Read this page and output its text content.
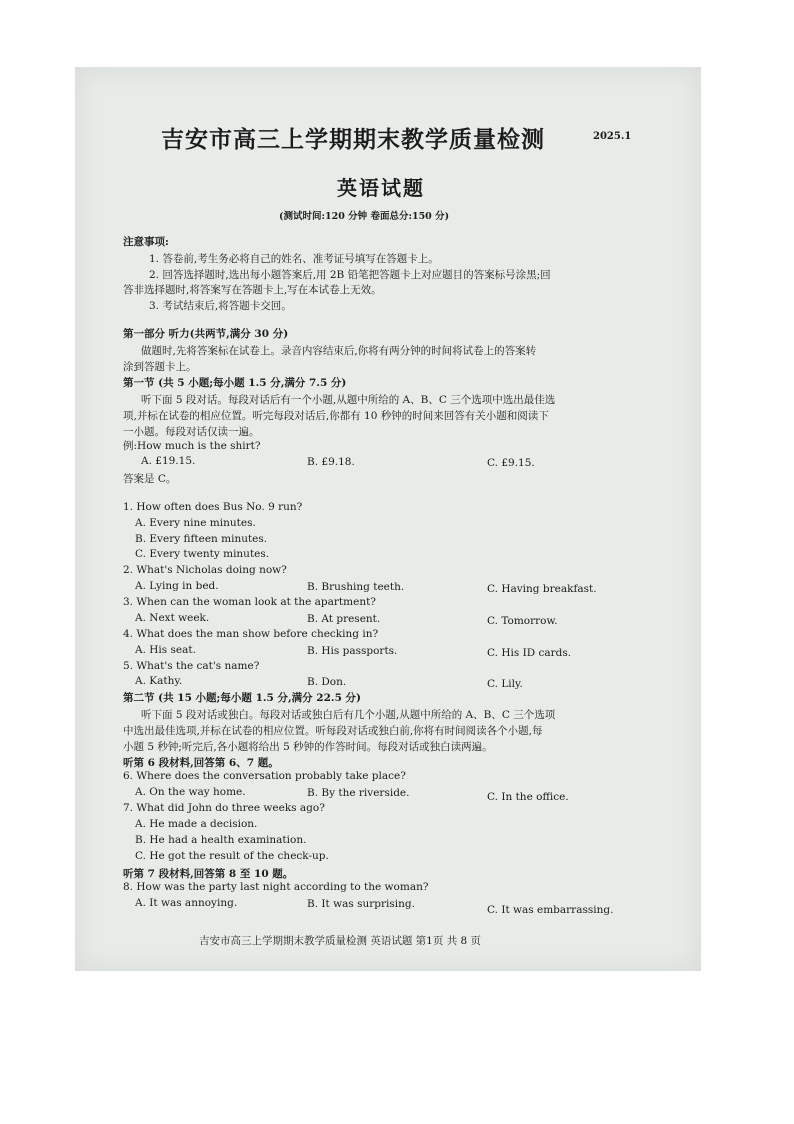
吉安市高三上学期期末教学质量检测	2025.1
英语试题
(测试时间:120 分钟 卷面总分:150 分)
注意事项:
1. 答卷前,考生务必将自己的姓名、准考证号填写在答题卡上。
2. 回答选择题时,选出每小题答案后,用 2B 铅笔把答题卡上对应题目的答案标号涂黑;回
答非选择题时,将答案写在答题卡上,写在本试卷上无效。
3. 考试结束后,将答题卡交回。
第一部分 听力(共两节,满分 30 分)
做题时,先将答案标在试卷上。录音内容结束后,你将有两分钟的时间将试卷上的答案转
涂到答题卡上。
第一节 (共 5 小题;每小题 1.5 分,满分 7.5 分)
听下面 5 段对话。每段对话后有一个小题,从题中所给的 A、B、C 三个选项中选出最佳选
项,并标在试卷的相应位置。听完每段对话后,你都有 10 秒钟的时间来回答有关小题和阅读下
一小题。每段对话仅读一遍。
例:How much is the shirt?
A. £19.15.	B. £9.18.	C. £9.15.
答案是 C。
1. How often does Bus No. 9 run?
A. Every nine minutes.
B. Every fifteen minutes.
C. Every twenty minutes.
2. What's Nicholas doing now?
A. Lying in bed.	B. Brushing teeth.	C. Having breakfast.
3. When can the woman look at the apartment?
A. Next week.	B. At present.	C. Tomorrow.
4. What does the man show before checking in?
A. His seat.	B. His passports.	C. His ID cards.
5. What's the cat's name?
A. Kathy.	B. Don.	C. Lily.
第二节 (共 15 小题;每小题 1.5 分,满分 22.5 分)
听下面 5 段对话或独白。每段对话或独白后有几个小题,从题中所给的 A、B、C 三个选项
中选出最佳选项,并标在试卷的相应位置。听每段对话或独白前,你将有时间阅读各个小题,每
小题 5 秒钟;听完后,各小题将给出 5 秒钟的作答时间。每段对话或独白读两遍。
听第 6 段材料,回答第 6、7 题。
6. Where does the conversation probably take place?
A. On the way home.	B. By the riverside.	C. In the office.
7. What did John do three weeks ago?
A. He made a decision.
B. He had a health examination.
C. He got the result of the check-up.
听第 7 段材料,回答第 8 至 10 题。
8. How was the party last night according to the woman?
A. It was annoying.	B. It was surprising.	C. It was embarrassing.
吉安市高三上学期期末教学质量检测 英语试题 第1页 共 8 页
